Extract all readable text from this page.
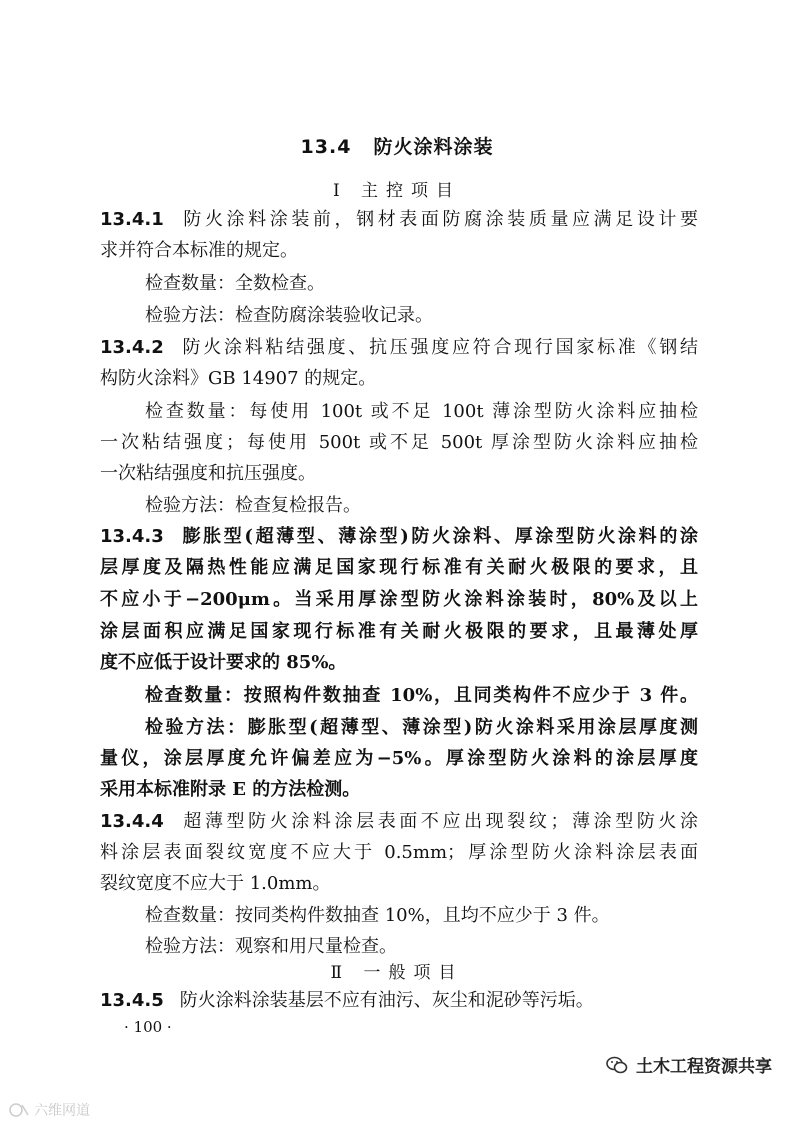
13.4 防火涂料涂装
Ⅰ 主控项目
13.4.1 防火涂料涂装前，钢材表面防腐涂装质量应满足设计要
求并符合本标准的规定。
检查数量：全数检查。
检验方法：检查防腐涂装验收记录。
13.4.2 防火涂料粘结强度、抗压强度应符合现行国家标准《钢结
构防火涂料》GB 14907 的规定。
检查数量：每使用 100t 或不足 100t 薄涂型防火涂料应抽检
一次粘结强度；每使用 500t 或不足 500t 厚涂型防火涂料应抽检
一次粘结强度和抗压强度。
检验方法：检查复检报告。
13.4.3 膨胀型(超薄型、薄涂型)防火涂料、厚涂型防火涂料的涂
层厚度及隔热性能应满足国家现行标准有关耐火极限的要求，且
不应小于−200μm。当采用厚涂型防火涂料涂装时，80%及以上
涂层面积应满足国家现行标准有关耐火极限的要求，且最薄处厚
度不应低于设计要求的 85%。
检查数量：按照构件数抽查 10%，且同类构件不应少于 3 件。
检验方法：膨胀型(超薄型、薄涂型)防火涂料采用涂层厚度测
量仪，涂层厚度允许偏差应为−5%。厚涂型防火涂料的涂层厚度
采用本标准附录 E 的方法检测。
13.4.4 超薄型防火涂料涂层表面不应出现裂纹；薄涂型防火涂
料涂层表面裂纹宽度不应大于 0.5mm；厚涂型防火涂料涂层表面
裂纹宽度不应大于 1.0mm。
检查数量：按同类构件数抽查 10%，且均不应少于 3 件。
检验方法：观察和用尺量检查。
Ⅱ 一般项目
13.4.5 防火涂料涂装基层不应有油污、灰尘和泥砂等污垢。
· 100 ·
土木工程资源共享
六维网道
